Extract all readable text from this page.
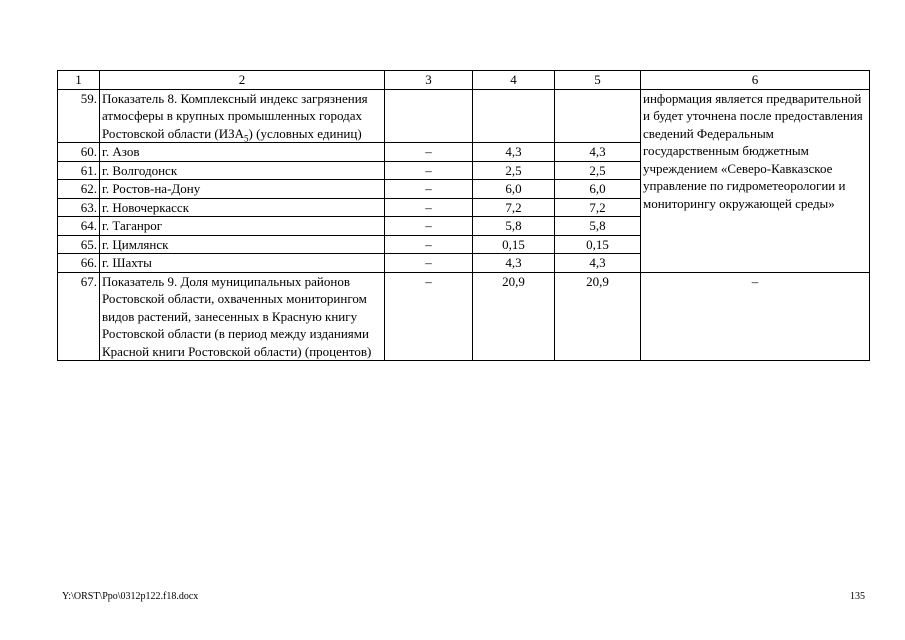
1	2	3	4	5	6
59.	Показатель 8. Комплексный индекс загрязнения атмосферы в крупных промышленных городах Ростовской области $(ИЗА_5)$ (условных единиц)				информация является предварительной и будет уточнена после предоставления сведений Федеральным государственным бюджетным учреждением «Северо-Кавказское управление по гидрометеорологии и мониторингу окружающей среды»
60.	г. Азов	–	4,3	4,3	
61.	г. Волгодонск	–	2,5	2,5	
62.	г. Ростов-на-Дону	–	6,0	6,0	
63.	г. Новочеркасск	–	7,2	7,2	
64.	г. Таганрог	–	5,8	5,8	
65.	г. Цимлянск	–	0,15	0,15	
66.	г. Шахты	–	4,3	4,3	
67.	Показатель 9. Доля муниципальных районов Ростовской области, охваченных мониторингом видов растений, занесенных в Красную книгу Ростовской области (в период между изданиями Красной книги Ростовской области) (процентов)	–	20,9	20,9	–
Y:\ORST\Ppo\0312p122.f18.docx	135
